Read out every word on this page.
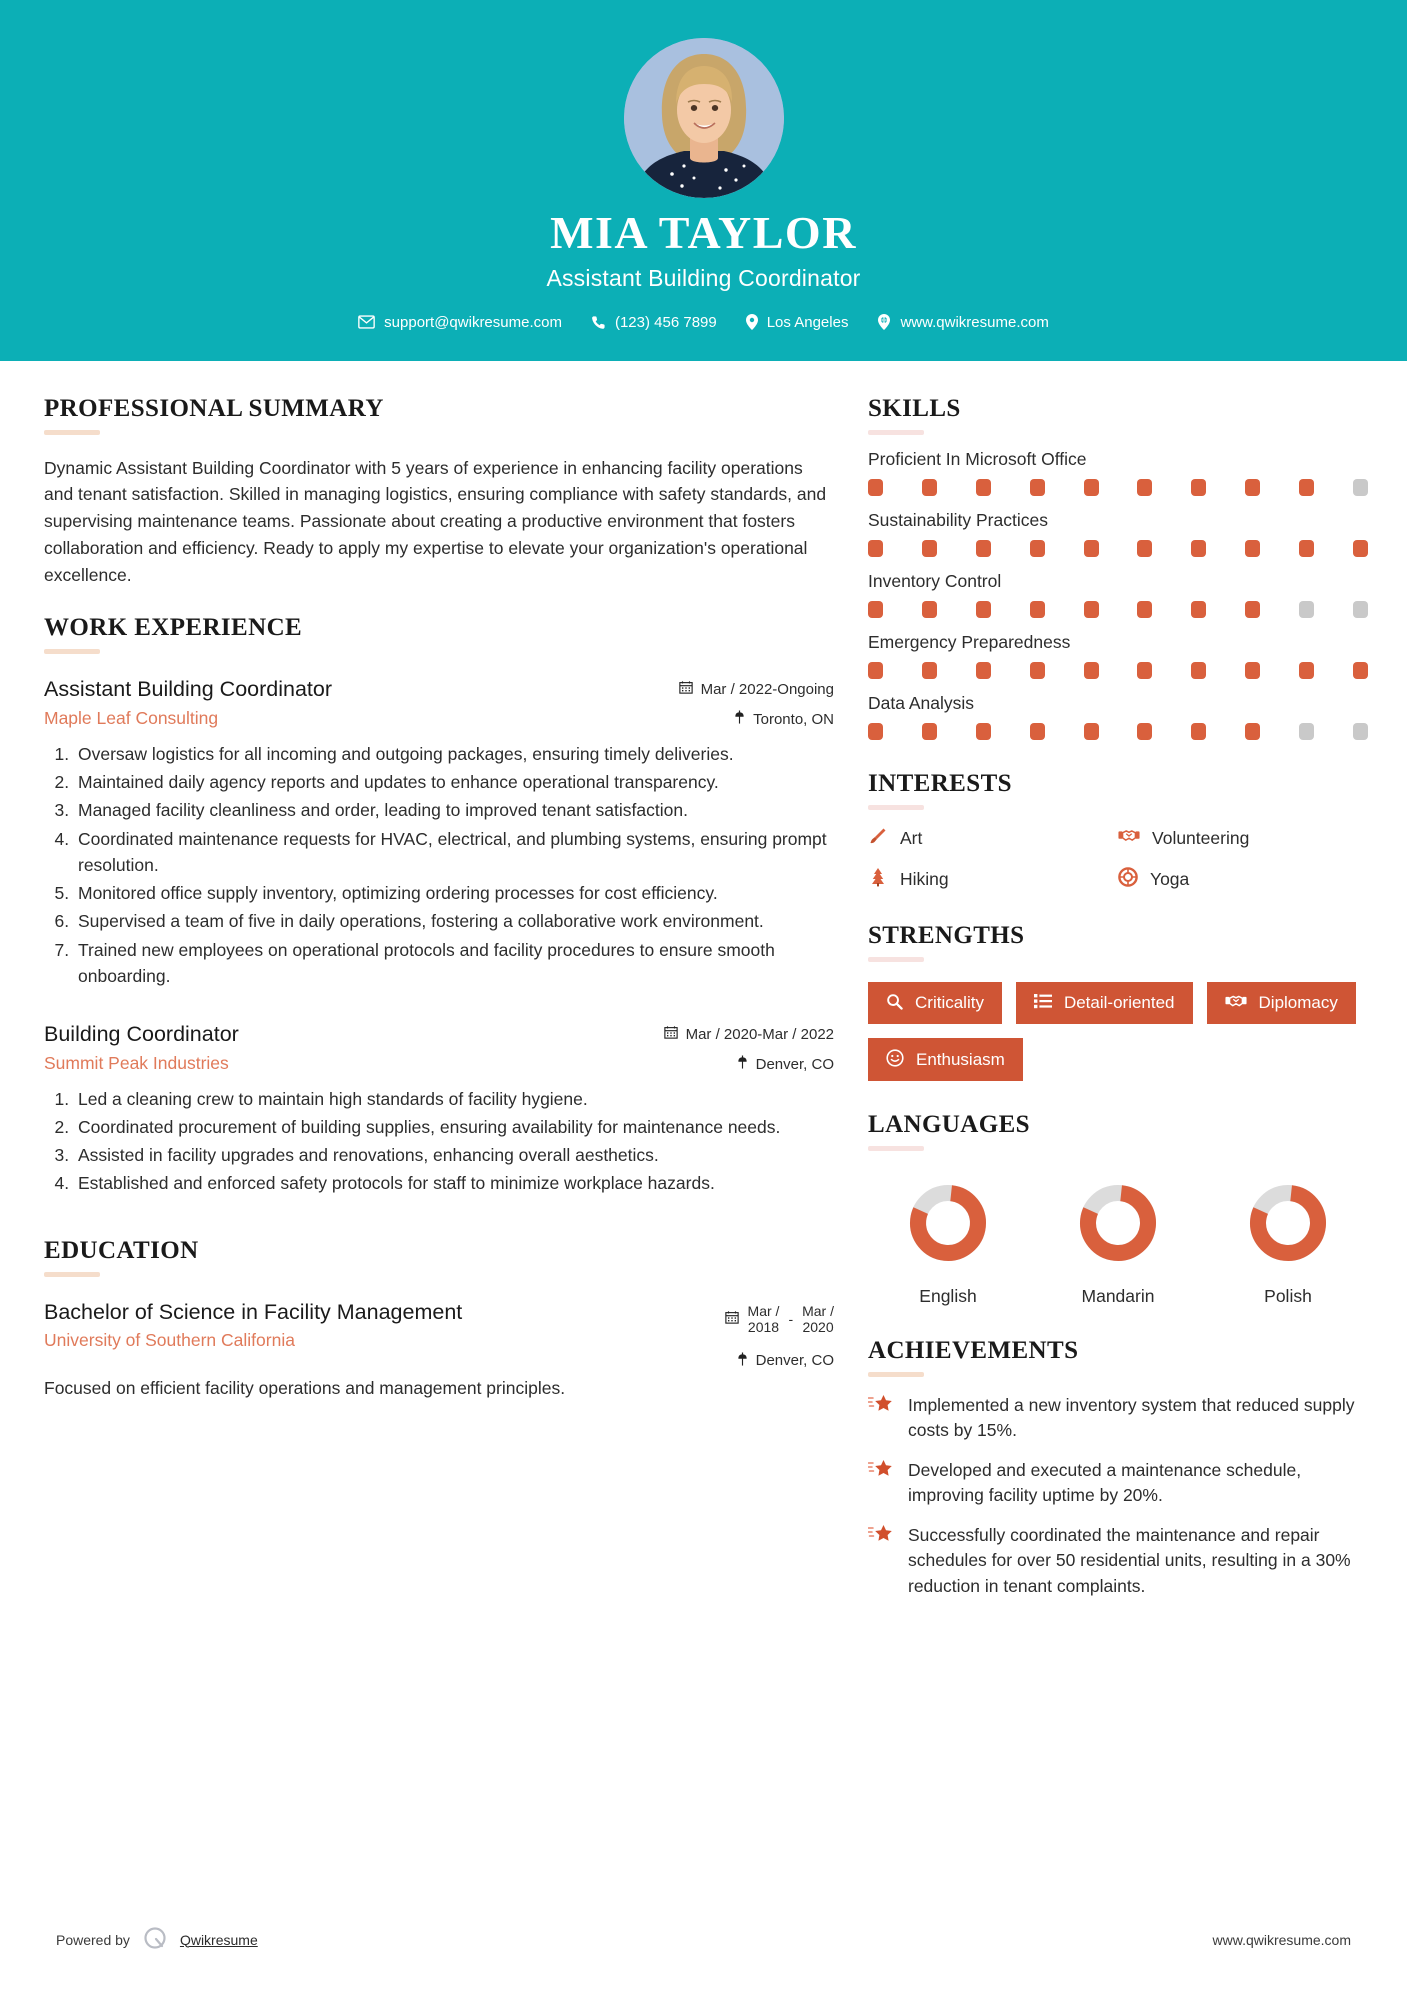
MIA TAYLOR
Assistant Building Coordinator
support@qwikresume.com	(123) 456 7899	Los Angeles	www.qwikresume.com
PROFESSIONAL SUMMARY
Dynamic Assistant Building Coordinator with 5 years of experience in enhancing facility operations and tenant satisfaction. Skilled in managing logistics, ensuring compliance with safety standards, and supervising maintenance teams. Passionate about creating a productive environment that fosters collaboration and efficiency. Ready to apply my expertise to elevate your organization's operational excellence.
WORK EXPERIENCE
Assistant Building Coordinator
Maple Leaf Consulting
Mar / 2022-Ongoing
Toronto, ON
1. Oversaw logistics for all incoming and outgoing packages, ensuring timely deliveries.
2. Maintained daily agency reports and updates to enhance operational transparency.
3. Managed facility cleanliness and order, leading to improved tenant satisfaction.
4. Coordinated maintenance requests for HVAC, electrical, and plumbing systems, ensuring prompt resolution.
5. Monitored office supply inventory, optimizing ordering processes for cost efficiency.
6. Supervised a team of five in daily operations, fostering a collaborative work environment.
7. Trained new employees on operational protocols and facility procedures to ensure smooth onboarding.
Building Coordinator
Summit Peak Industries
Mar / 2020-Mar / 2022
Denver, CO
1. Led a cleaning crew to maintain high standards of facility hygiene.
2. Coordinated procurement of building supplies, ensuring availability for maintenance needs.
3. Assisted in facility upgrades and renovations, enhancing overall aesthetics.
4. Established and enforced safety protocols for staff to minimize workplace hazards.
EDUCATION
Bachelor of Science in Facility Management
University of Southern California
Mar /
2018
-
Mar /
2020
Denver, CO
Focused on efficient facility operations and management principles.
SKILLS
Proficient In Microsoft Office
Sustainability Practices
Inventory Control
Emergency Preparedness
Data Analysis
INTERESTS
Art	Volunteering
Hiking	Yoga
STRENGTHS
Criticality	Detail-oriented	Diplomacy
Enthusiasm
LANGUAGES
English	Mandarin	Polish
ACHIEVEMENTS
Implemented a new inventory system that reduced supply costs by 15%.
Developed and executed a maintenance schedule, improving facility uptime by 20%.
Successfully coordinated the maintenance and repair schedules for over 50 residential units, resulting in a 30% reduction in tenant complaints.
Powered by	Qwikresume	www.qwikresume.com
